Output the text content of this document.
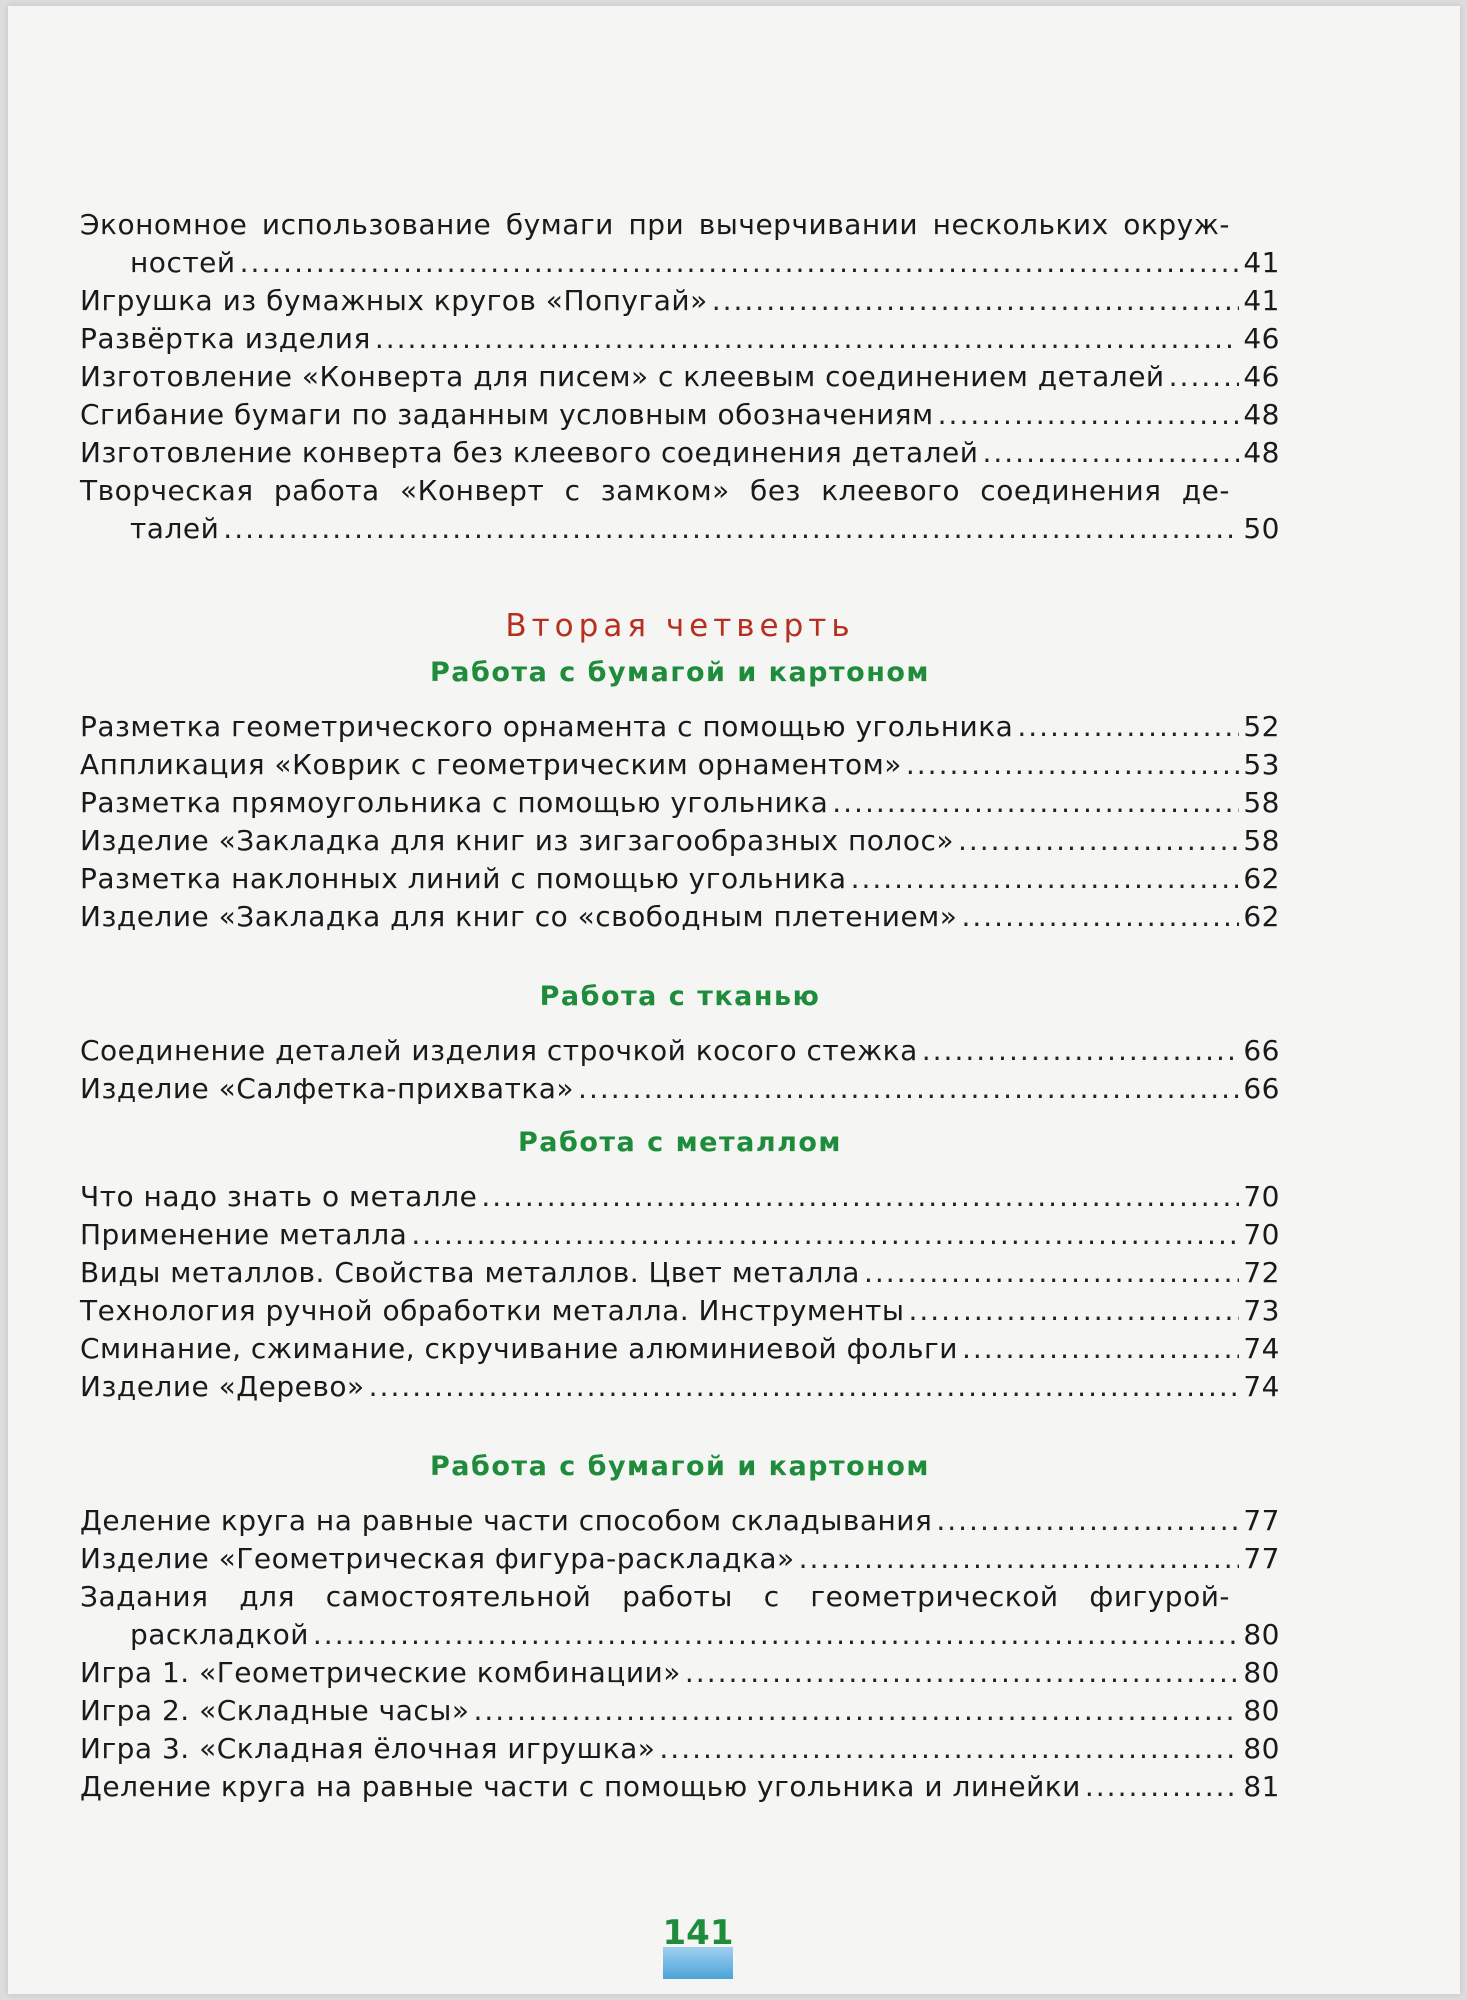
Экономное использование бумаги при вычерчивании нескольких окруж-
ностей .....	41
Игрушка из бумажных кругов «Попугай» .....	41
Развёртка изделия .....	46
Изготовление «Конверта для писем» с клеевым соединением деталей .....	46
Сгибание бумаги по заданным условным обозначениям .....	48
Изготовление конверта без клеевого соединения деталей .....	48
Творческая работа «Конверт с замком» без клеевого соединения де-
талей .....	50
Вторая четверть
Работа с бумагой и картоном
Разметка геометрического орнамента с помощью угольника .....	52
Аппликация «Коврик с геометрическим орнаментом» .....	53
Разметка прямоугольника с помощью угольника .....	58
Изделие «Закладка для книг из зигзагообразных полос» .....	58
Разметка наклонных линий с помощью угольника .....	62
Изделие «Закладка для книг со «свободным плетением» .....	62
Работа с тканью
Соединение деталей изделия строчкой косого стежка .....	66
Изделие «Салфетка-прихватка» .....	66
Работа с металлом
Что надо знать о металле .....	70
Применение металла .....	70
Виды металлов. Свойства металлов. Цвет металла .....	72
Технология ручной обработки металла. Инструменты .....	73
Сминание, сжимание, скручивание алюминиевой фольги .....	74
Изделие «Дерево» .....	74
Работа с бумагой и картоном
Деление круга на равные части способом складывания .....	77
Изделие «Геометрическая фигура-раскладка» .....	77
Задания для самостоятельной работы с геометрической фигурой-
раскладкой .....	80
Игра 1. «Геометрические комбинации» .....	80
Игра 2. «Складные часы» .....	80
Игра 3. «Складная ёлочная игрушка» .....	80
Деление круга на равные части с помощью угольника и линейки .....	81
141
